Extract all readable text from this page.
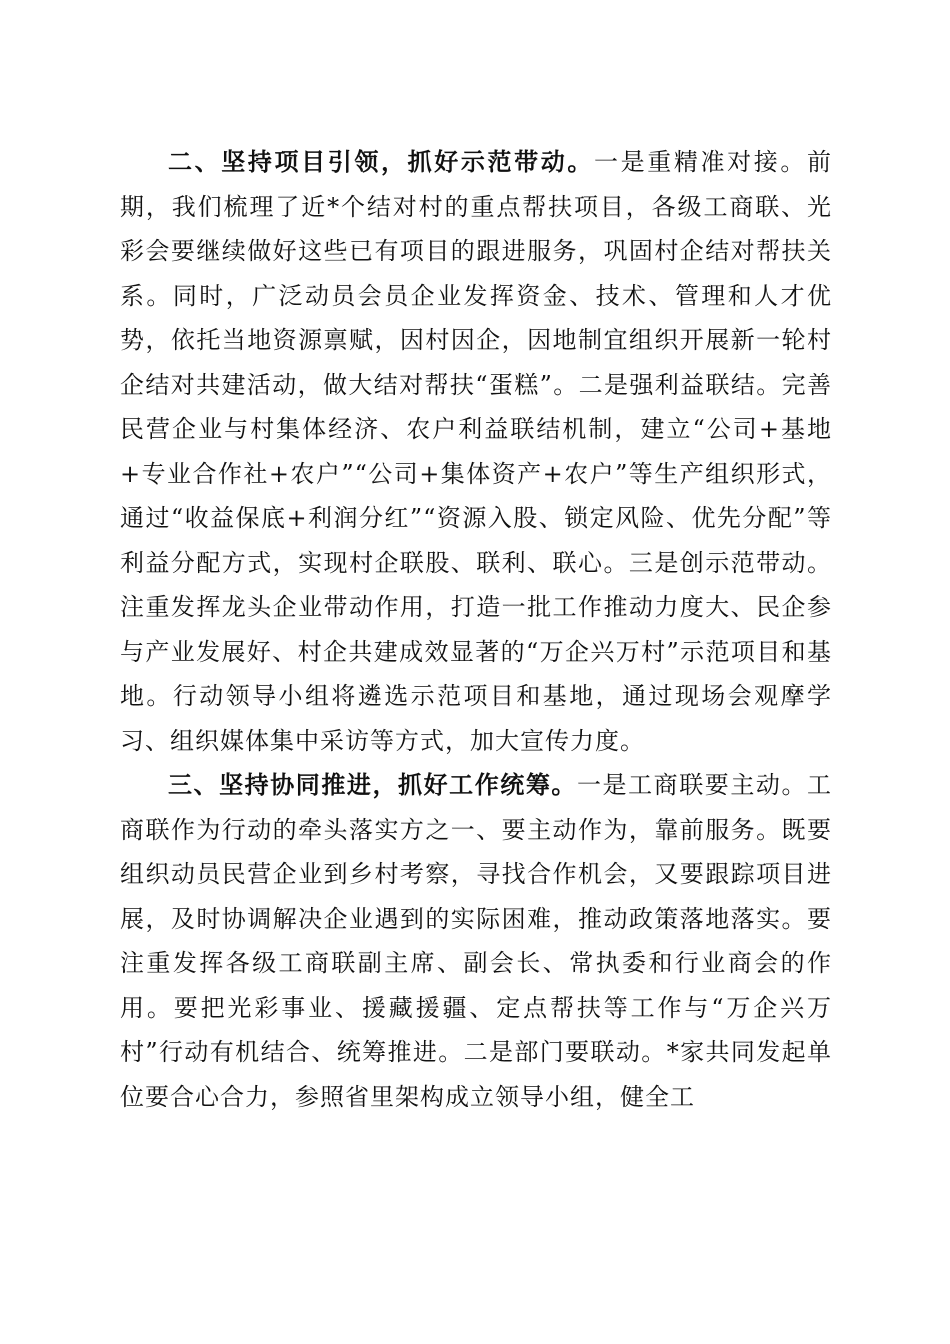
二、坚持项目引领，抓好示范带动。一是重精准对接。前期，我们梳理了近*个结对村的重点帮扶项目，各级工商联、光彩会要继续做好这些已有项目的跟进服务，巩固村企结对帮扶关系。同时，广泛动员会员企业发挥资金、技术、管理和人才优势，依托当地资源禀赋，因村因企，因地制宜组织开展新一轮村企结对共建活动，做大结对帮扶“蛋糕”。二是强利益联结。完善民营企业与村集体经济、农户利益联结机制，建立“公司+基地+专业合作社+农户”“公司+集体资产+农户”等生产组织形式，通过“收益保底+利润分红”“资源入股、锁定风险、优先分配”等利益分配方式，实现村企联股、联利、联心。三是创示范带动。注重发挥龙头企业带动作用，打造一批工作推动力度大、民企参与产业发展好、村企共建成效显著的“万企兴万村”示范项目和基地。行动领导小组将遴选示范项目和基地，通过现场会观摩学习、组织媒体集中采访等方式，加大宣传力度。

三、坚持协同推进，抓好工作统筹。一是工商联要主动。工商联作为行动的牵头落实方之一、要主动作为，靠前服务。既要组织动员民营企业到乡村考察，寻找合作机会，又要跟踪项目进展，及时协调解决企业遇到的实际困难，推动政策落地落实。要注重发挥各级工商联副主席、副会长、常执委和行业商会的作用。要把光彩事业、援藏援疆、定点帮扶等工作与“万企兴万村”行动有机结合、统筹推进。二是部门要联动。*家共同发起单位要合心合力，参照省里架构成立领导小组，健全工
